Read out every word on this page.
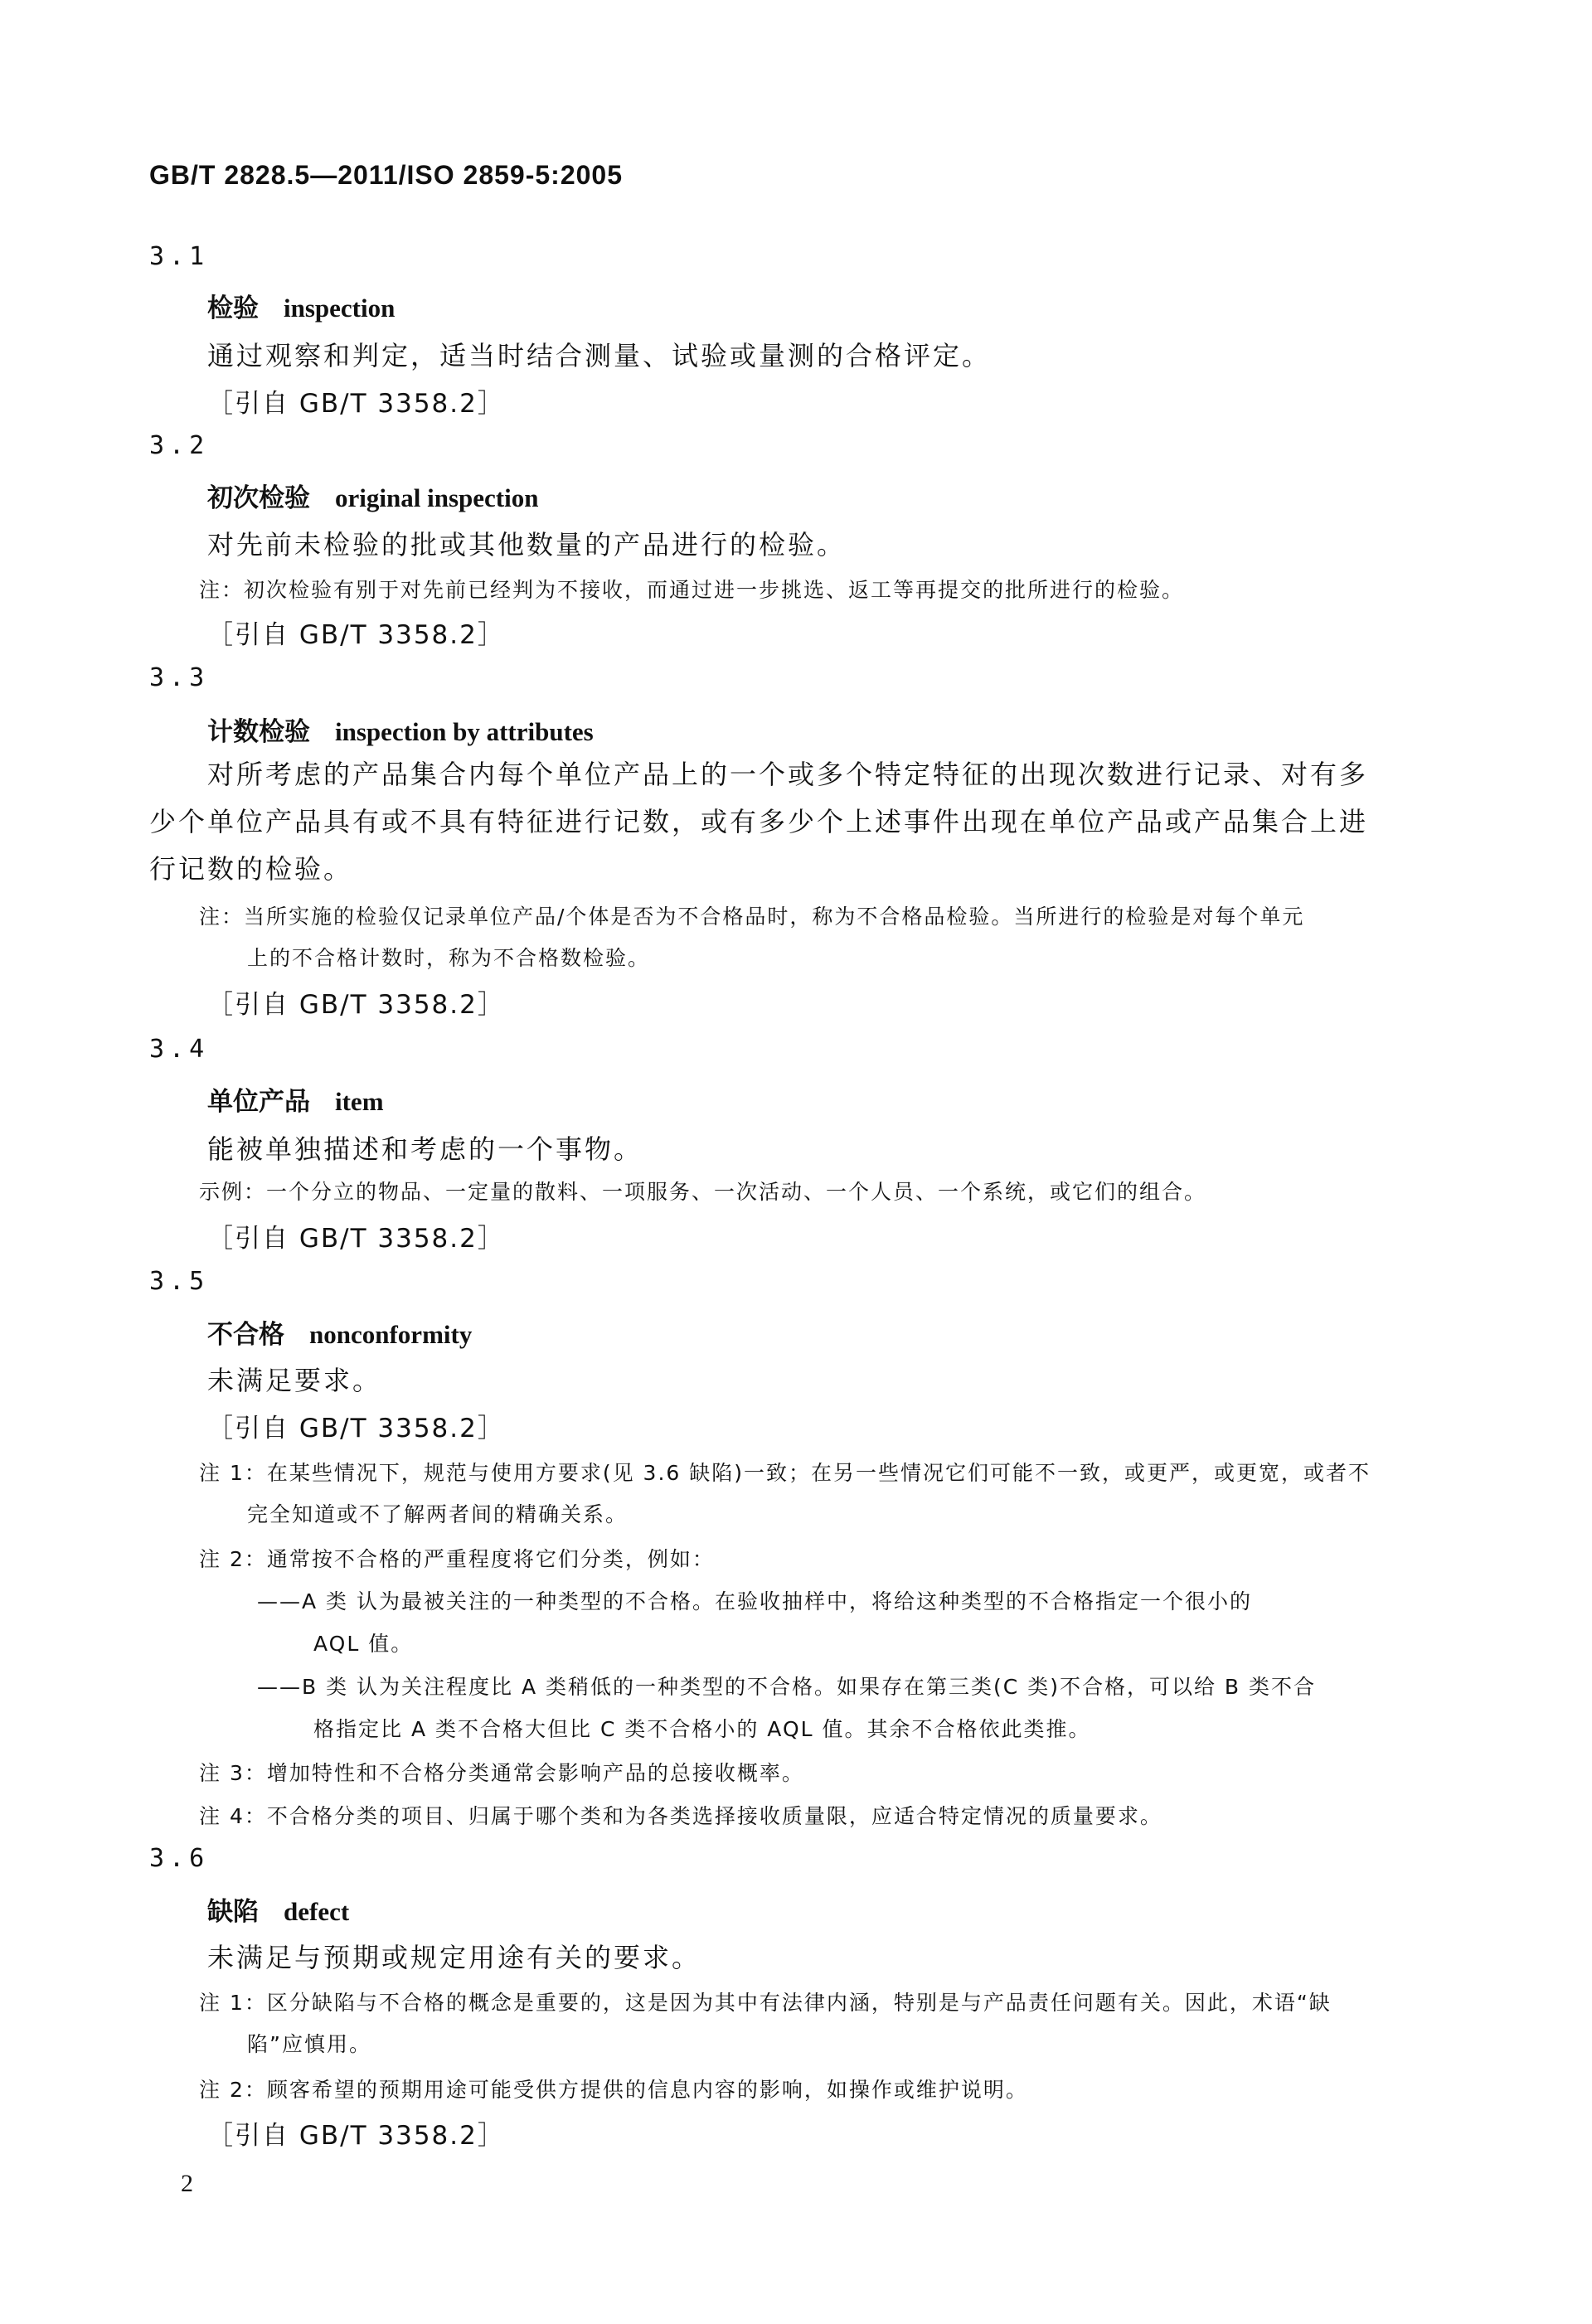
GB/T 2828.5—2011/ISO 2859-5:2005
3.1
检验 inspection
通过观察和判定，适当时结合测量、试验或量测的合格评定。
［引自 GB/T 3358.2］
3.2
初次检验 original inspection
对先前未检验的批或其他数量的产品进行的检验。
注：初次检验有别于对先前已经判为不接收，而通过进一步挑选、返工等再提交的批所进行的检验。
［引自 GB/T 3358.2］
3.3
计数检验 inspection by attributes
对所考虑的产品集合内每个单位产品上的一个或多个特定特征的出现次数进行记录、对有多少个单位产品具有或不具有特征进行记数，或有多少个上述事件出现在单位产品或产品集合上进行记数的检验。
注：当所实施的检验仅记录单位产品/个体是否为不合格品时，称为不合格品检验。当所进行的检验是对每个单元
上的不合格计数时，称为不合格数检验。
［引自 GB/T 3358.2］
3.4
单位产品 item
能被单独描述和考虑的一个事物。
示例：一个分立的物品、一定量的散料、一项服务、一次活动、一个人员、一个系统，或它们的组合。
［引自 GB/T 3358.2］
3.5
不合格 nonconformity
未满足要求。
［引自 GB/T 3358.2］
注 1：在某些情况下，规范与使用方要求(见 3.6 缺陷)一致；在另一些情况它们可能不一致，或更严，或更宽，或者不
完全知道或不了解两者间的精确关系。
注 2：通常按不合格的严重程度将它们分类，例如：
——A 类 认为最被关注的一种类型的不合格。在验收抽样中，将给这种类型的不合格指定一个很小的
AQL 值。
——B 类 认为关注程度比 A 类稍低的一种类型的不合格。如果存在第三类(C 类)不合格，可以给 B 类不合
格指定比 A 类不合格大但比 C 类不合格小的 AQL 值。其余不合格依此类推。
注 3：增加特性和不合格分类通常会影响产品的总接收概率。
注 4：不合格分类的项目、归属于哪个类和为各类选择接收质量限，应适合特定情况的质量要求。
3.6
缺陷 defect
未满足与预期或规定用途有关的要求。
注 1：区分缺陷与不合格的概念是重要的，这是因为其中有法律内涵，特别是与产品责任问题有关。因此，术语“缺
陷”应慎用。
注 2：顾客希望的预期用途可能受供方提供的信息内容的影响，如操作或维护说明。
［引自 GB/T 3358.2］
2
